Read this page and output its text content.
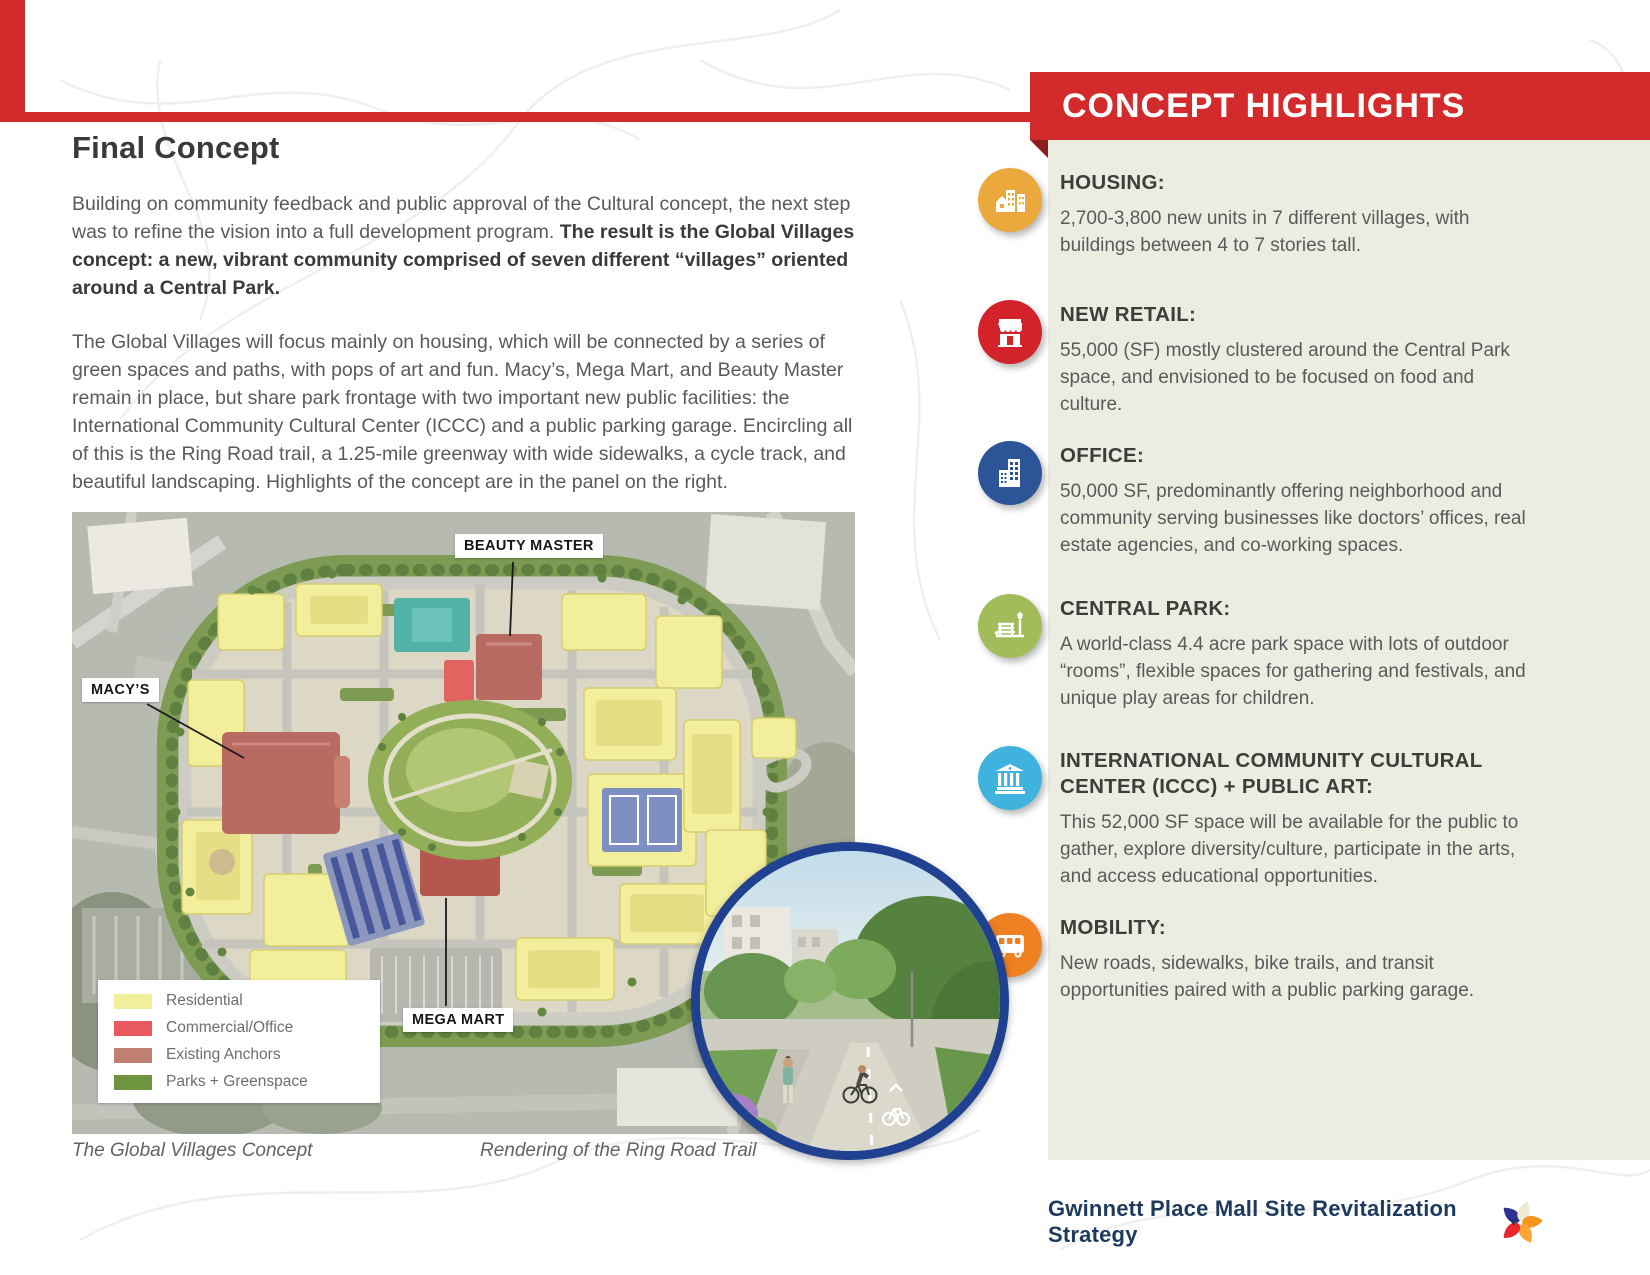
Final Concept

Building on community feedback and public approval of the Cultural concept, the next step was to refine the vision into a full development program. The result is the Global Villages concept: a new, vibrant community comprised of seven different “villages” oriented around a Central Park.

The Global Villages will focus mainly on housing, which will be connected by a series of green spaces and paths, with pops of art and fun. Macy’s, Mega Mart, and Beauty Master remain in place, but share park frontage with two important new public facilities: the International Community Cultural Center (ICCC) and a public parking garage. Encircling all of this is the Ring Road trail, a 1.25-mile greenway with wide sidewalks, a cycle track, and beautiful landscaping. Highlights of the concept are in the panel on the right.

BEAUTY MASTER
MACY’S
MEGA MART
Residential
Commercial/Office
Existing Anchors
Parks + Greenspace
The Global Villages Concept	Rendering of the Ring Road Trail
CONCEPT HIGHLIGHTS
HOUSING:

2,700-3,800 new units in 7 different villages, with buildings between 4 to 7 stories tall.

NEW RETAIL:

55,000 (SF) mostly clustered around the Central Park space, and envisioned to be focused on food and culture.

OFFICE:

50,000 SF, predominantly offering neighborhood and community serving businesses like doctors’ offices, real estate agencies, and co-working spaces.

CENTRAL PARK:

A world-class 4.4 acre park space with lots of outdoor “rooms”, flexible spaces for gathering and festivals, and unique play areas for children.

INTERNATIONAL COMMUNITY CULTURAL CENTER (ICCC) + PUBLIC ART:

This 52,000 SF space will be available for the public to gather, explore diversity/culture, participate in the arts, and access educational opportunities.

MOBILITY:

New roads, sidewalks, bike trails, and transit opportunities paired with a public parking garage.

Gwinnett Place Mall Site Revitalization Strategy
